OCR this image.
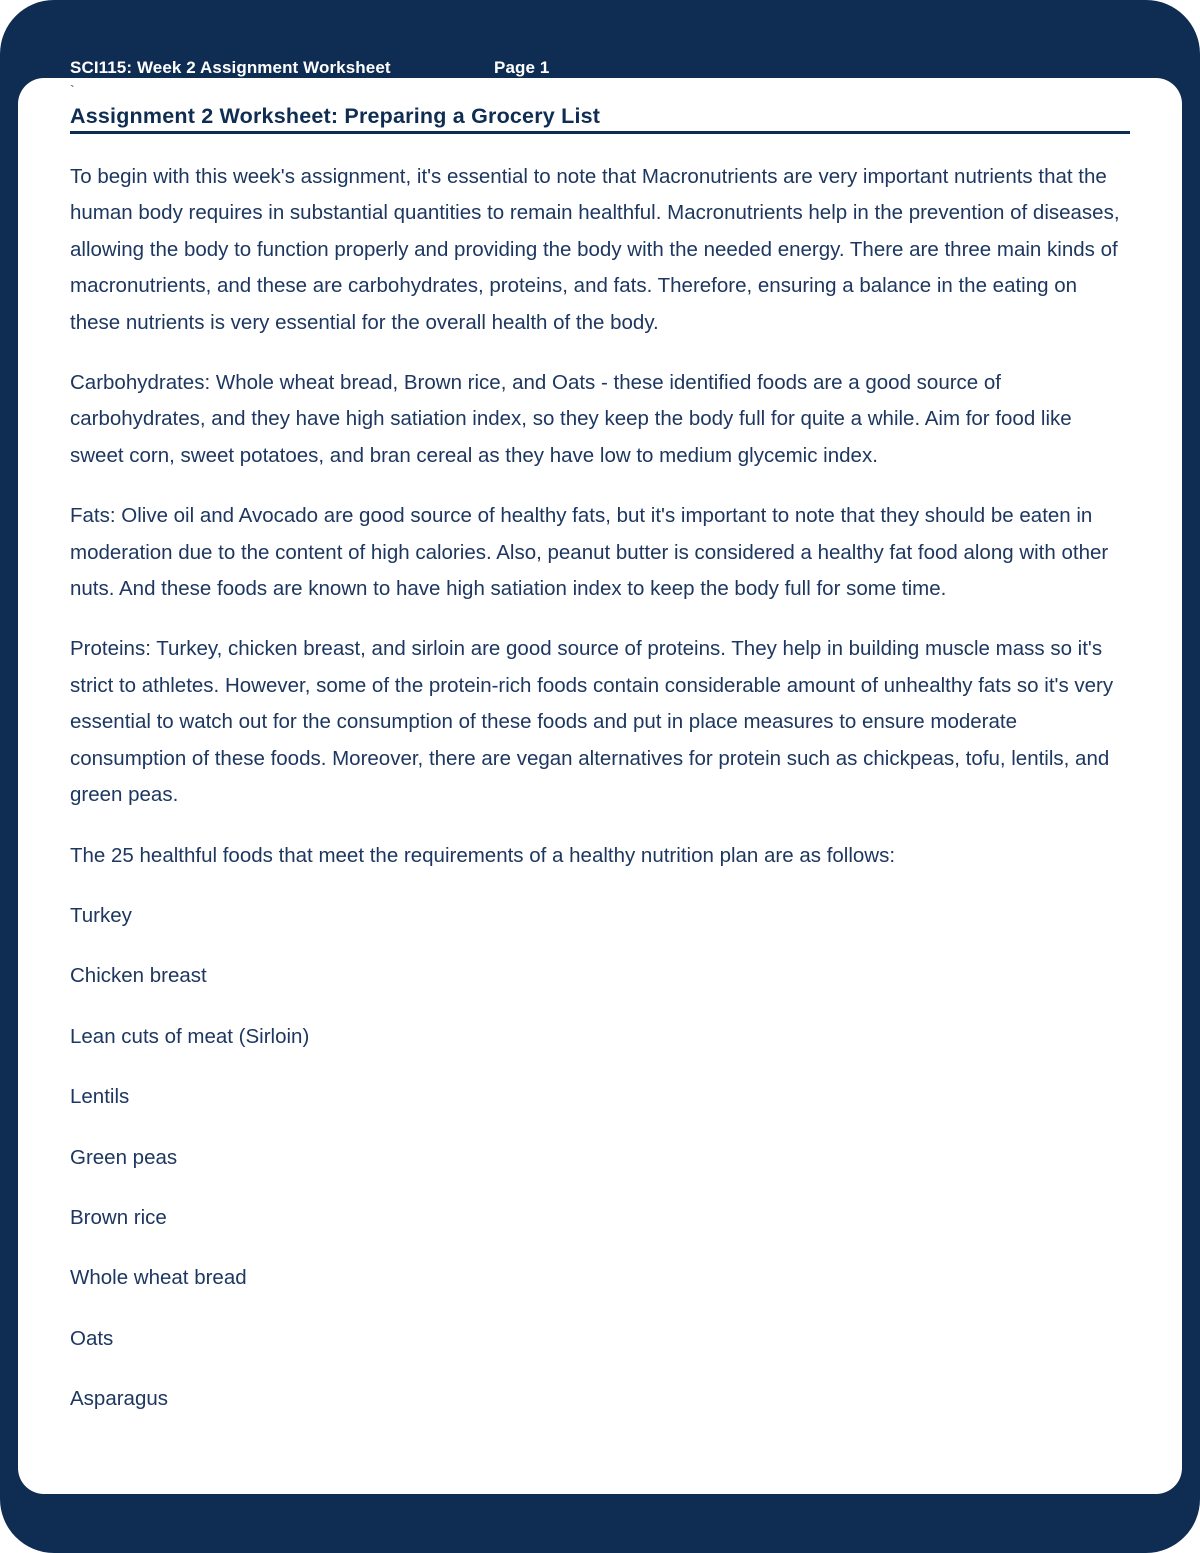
SCI115: Week 2 Assignment Worksheet	Page 1
`
Assignment 2 Worksheet: Preparing a Grocery List

To begin with this week's assignment, it's essential to note that Macronutrients are very important nutrients that the human body requires in substantial quantities to remain healthful. Macronutrients help in the prevention of diseases, allowing the body to function properly and providing the body with the needed energy. There are three main kinds of macronutrients, and these are carbohydrates, proteins, and fats. Therefore, ensuring a balance in the eating on these nutrients is very essential for the overall health of the body.

Carbohydrates: Whole wheat bread, Brown rice, and Oats - these identified foods are a good source of carbohydrates, and they have high satiation index, so they keep the body full for quite a while. Aim for food like sweet corn, sweet potatoes, and bran cereal as they have low to medium glycemic index.

Fats: Olive oil and Avocado are good source of healthy fats, but it's important to note that they should be eaten in moderation due to the content of high calories. Also, peanut butter is considered a healthy fat food along with other nuts. And these foods are known to have high satiation index to keep the body full for some time.

Proteins: Turkey, chicken breast, and sirloin are good source of proteins. They help in building muscle mass so it's strict to athletes. However, some of the protein-rich foods contain considerable amount of unhealthy fats so it's very essential to watch out for the consumption of these foods and put in place measures to ensure moderate consumption of these foods. Moreover, there are vegan alternatives for protein such as chickpeas, tofu, lentils, and green peas.

The 25 healthful foods that meet the requirements of a healthy nutrition plan are as follows:

Turkey
Chicken breast
Lean cuts of meat (Sirloin)
Lentils
Green peas
Brown rice
Whole wheat bread
Oats
Asparagus
